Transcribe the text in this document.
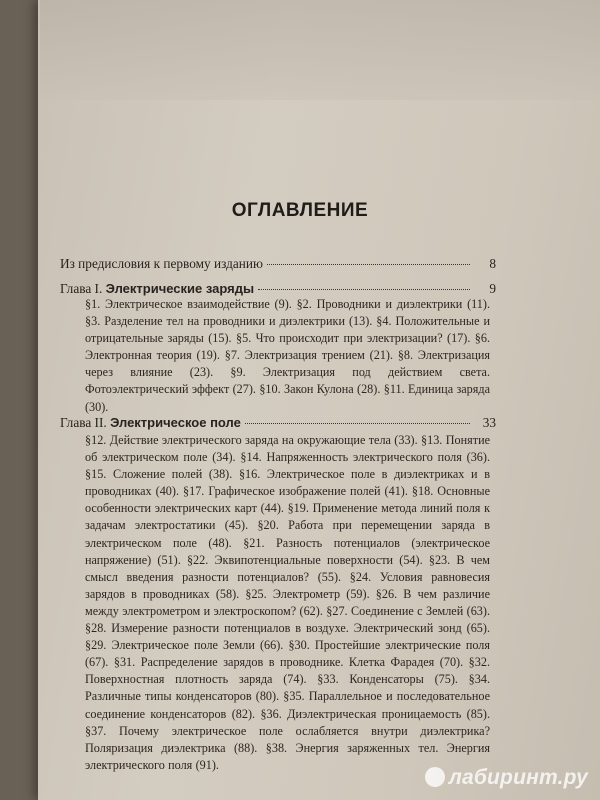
ОГЛАВЛЕНИЕ
Из предисловия к первому изданию	8
Глава I. Электрические заряды	9
§1. Электрическое взаимодействие (9). §2. Проводники и диэлектрики (11). §3. Разделение тел на проводники и диэлектрики (13). §4. Положительные и отрицательные заряды (15). §5. Что происходит при электризации? (17). §6. Электронная теория (19). §7. Электризация трением (21). §8. Электризация через влияние (23). §9. Электризация под действием света. Фотоэлектрический эффект (27). §10. Закон Кулона (28). §11. Единица заряда (30).
Глава II. Электрическое поле	33
§12. Действие электрического заряда на окружающие тела (33). §13. Понятие об электрическом поле (34). §14. Напряженность электрического поля (36). §15. Сложение полей (38). §16. Электрическое поле в диэлектриках и в проводниках (40). §17. Графическое изображение полей (41). §18. Основные особенности электрических карт (44). §19. Применение метода линий поля к задачам электростатики (45). §20. Работа при перемещении заряда в электрическом поле (48). §21. Разность потенциалов (электрическое напряжение) (51). §22. Эквипотенциальные поверхности (54). §23. В чем смысл введения разности потенциалов? (55). §24. Условия равновесия зарядов в проводниках (58). §25. Электрометр (59). §26. В чем различие между электрометром и электроскопом? (62). §27. Соединение с Землей (63). §28. Измерение разности потенциалов в воздухе. Электрический зонд (65). §29. Электрическое поле Земли (66). §30. Простейшие электрические поля (67). §31. Распределение зарядов в проводнике. Клетка Фарадея (70). §32. Поверхностная плотность заряда (74). §33. Конденсаторы (75). §34. Различные типы конденсаторов (80). §35. Параллельное и последовательное соединение конденсаторов (82). §36. Диэлектрическая проницаемость (85). §37. Почему электрическое поле ослабляется внутри диэлектрика? Поляризация диэлектрика (88). §38. Энергия заряженных тел. Энергия электрического поля (91).
лабиринт.ру
